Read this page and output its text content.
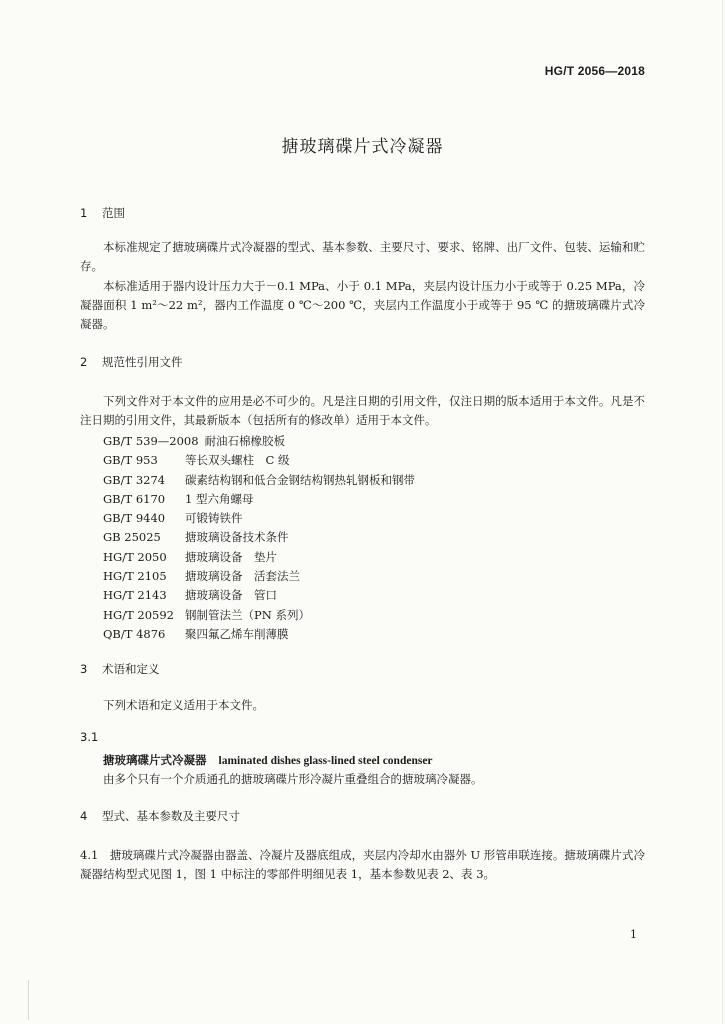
HG/T 2056—2018
搪玻璃碟片式冷凝器
1 范围

本标准规定了搪玻璃碟片式冷凝器的型式、基本参数、主要尺寸、要求、铭牌、出厂文件、包装、运输和贮存。

本标准适用于器内设计压力大于－0.1 MPa、小于 0.1 MPa，夹层内设计压力小于或等于 0.25 MPa，冷凝器面积 1 m²～22 m²，器内工作温度 0 ℃～200 ℃，夹层内工作温度小于或等于 95 ℃ 的搪玻璃碟片式冷凝器。

2 规范性引用文件

下列文件对于本文件的应用是必不可少的。凡是注日期的引用文件，仅注日期的版本适用于本文件。凡是不注日期的引用文件，其最新版本（包括所有的修改单）适用于本文件。

GB/T 539—2008 耐油石棉橡胶板
GB/T 953 等长双头螺柱　C 级
GB/T 3274 碳素结构钢和低合金钢结构钢热轧钢板和钢带
GB/T 6170 1 型六角螺母
GB/T 9440 可锻铸铁件
GB 25025 搪玻璃设备技术条件
HG/T 2050 搪玻璃设备　垫片
HG/T 2105 搪玻璃设备　活套法兰
HG/T 2143 搪玻璃设备　管口
HG/T 20592 钢制管法兰（PN 系列）
QB/T 4876 聚四氟乙烯车削薄膜
3 术语和定义

下列术语和定义适用于本文件。

3.1
搪玻璃碟片式冷凝器 laminated dishes glass-lined steel condenser

由多个只有一个介质通孔的搪玻璃碟片形冷凝片重叠组合的搪玻璃冷凝器。

4 型式、基本参数及主要尺寸

4.1　搪玻璃碟片式冷凝器由器盖、冷凝片及器底组成，夹层内冷却水由器外 U 形管串联连接。搪玻璃碟片式冷凝器结构型式见图 1，图 1 中标注的零部件明细见表 1，基本参数见表 2、表 3。

1
